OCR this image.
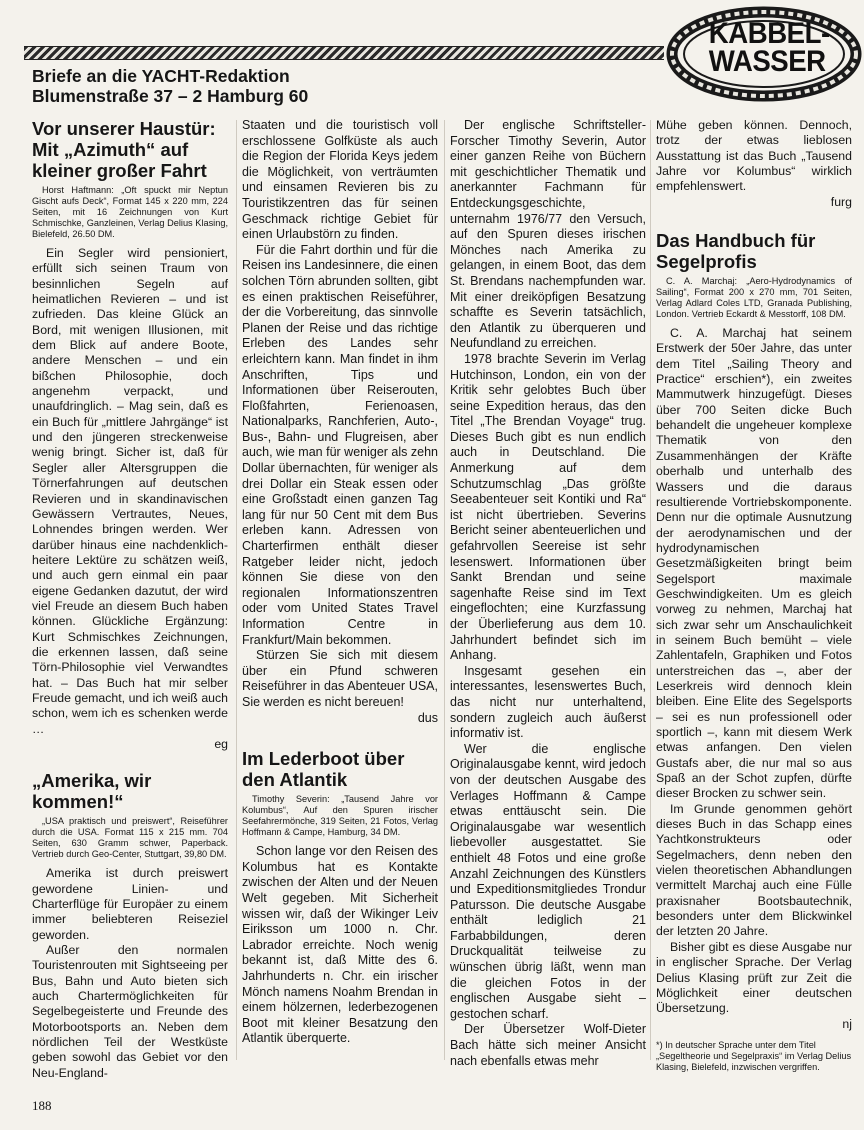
KABBEL-
WASSER
Briefe an die YACHT-Redaktion
Blumenstraße 37 – 2 Hamburg 60
Vor unserer Haustür: Mit „Azimuth“ auf kleiner großer Fahrt
Horst Haftmann: „Oft spuckt mir Neptun Gischt aufs Deck“, Format 145 x 220 mm, 224 Seiten, mit 16 Zeichnungen von Kurt Schmischke, Ganzleinen, Verlag Delius Klasing, Bielefeld, 26.50 DM.

Ein Segler wird pensioniert, erfüllt sich seinen Traum von besinnlichen Segeln auf heimatlichen Revieren – und ist zufrieden. Das kleine Glück an Bord, mit wenigen Illusionen, mit dem Blick auf andere Boote, andere Menschen – und ein bißchen Philosophie, doch angenehm verpackt, und unaufdringlich. – Mag sein, daß es ein Buch für „mittlere Jahrgänge“ ist und den jüngeren streckenweise wenig bringt. Sicher ist, daß für Segler aller Altersgruppen die Törnerfahrungen auf deutschen Revieren und in skandinavischen Gewässern Vertrautes, Neues, Lohnendes bringen werden. Wer darüber hinaus eine nachdenklich-heitere Lektüre zu schätzen weiß, und auch gern einmal ein paar eigene Gedanken dazutut, der wird viel Freude an diesem Buch haben können. Glückliche Ergänzung: Kurt Schmischkes Zeichnungen, die erkennen lassen, daß seine Törn-Philosophie viel Verwandtes hat. – Das Buch hat mir selber Freude gemacht, und ich weiß auch schon, wem ich es schenken werde …

eg

„Amerika, wir kommen!“
„USA praktisch und preiswert“, Reiseführer durch die USA. Format 115 x 215 mm. 704 Seiten, 630 Gramm schwer, Paperback. Vertrieb durch Geo-Center, Stuttgart, 39,80 DM.

Amerika ist durch preiswert gewordene Linien- und Charterflüge für Europäer zu einem immer beliebteren Reiseziel geworden.

Außer den normalen Touristenrouten mit Sightseeing per Bus, Bahn und Auto bieten sich auch Chartermöglichkeiten für Segelbegeisterte und Freunde des Motorbootsports an. Neben dem nördlichen Teil der Westküste geben sowohl das Gebiet vor den Neu-England-

Staaten und die touristisch voll erschlossene Golfküste als auch die Region der Florida Keys jedem die Möglichkeit, von verträumten und einsamen Revieren bis zu Touristikzentren das für seinen Geschmack richtige Gebiet für einen Urlaubstörn zu finden.

Für die Fahrt dorthin und für die Reisen ins Landesinnere, die einen solchen Törn abrunden sollten, gibt es einen praktischen Reiseführer, der die Vorbereitung, das sinnvolle Planen der Reise und das richtige Erleben des Landes sehr erleichtern kann. Man findet in ihm Anschriften, Tips und Informationen über Reiserouten, Floßfahrten, Ferienoasen, Nationalparks, Ranchferien, Auto-, Bus-, Bahn- und Flugreisen, aber auch, wie man für weniger als zehn Dollar übernachten, für weniger als drei Dollar ein Steak essen oder eine Großstadt einen ganzen Tag lang für nur 50 Cent mit dem Bus erleben kann. Adressen von Charterfirmen enthält dieser Ratgeber leider nicht, jedoch können Sie diese von den regionalen Informationszentren oder vom United States Travel Information Centre in Frankfurt/Main bekommen.

Stürzen Sie sich mit diesem über ein Pfund schweren Reiseführer in das Abenteuer USA, Sie werden es nicht bereuen!

dus

Im Lederboot über den Atlantik
Timothy Severin: „Tausend Jahre vor Kolumbus“, Auf den Spuren irischer Seefahrermönche, 319 Seiten, 21 Fotos, Verlag Hoffmann & Campe, Hamburg, 34 DM.

Schon lange vor den Reisen des Kolumbus hat es Kontakte zwischen der Alten und der Neuen Welt gegeben. Mit Sicherheit wissen wir, daß der Wikinger Leiv Eiriksson um 1000 n. Chr. Labrador erreichte. Noch wenig bekannt ist, daß Mitte des 6. Jahrhunderts n. Chr. ein irischer Mönch namens Noahm Brendan in einem hölzernen, lederbezogenen Boot mit kleiner Besatzung den Atlantik überquerte.

Der englische Schriftsteller-Forscher Timothy Severin, Autor einer ganzen Reihe von Büchern mit geschichtlicher Thematik und anerkannter Fachmann für Entdeckungsgeschichte, unternahm 1976/77 den Versuch, auf den Spuren dieses irischen Mönches nach Amerika zu gelangen, in einem Boot, das dem St. Brendans nachempfunden war. Mit einer dreiköpfigen Besatzung schaffte es Severin tatsächlich, den Atlantik zu überqueren und Neufundland zu erreichen.

1978 brachte Severin im Verlag Hutchinson, London, ein von der Kritik sehr gelobtes Buch über seine Expedition heraus, das den Titel „The Brendan Voyage“ trug. Dieses Buch gibt es nun endlich auch in Deutschland. Die Anmerkung auf dem Schutzumschlag „Das größte Seeabenteuer seit Kontiki und Ra“ ist nicht übertrieben. Severins Bericht seiner abenteuerlichen und gefahrvollen Seereise ist sehr lesenswert. Informationen über Sankt Brendan und seine sagenhafte Reise sind im Text eingeflochten; eine Kurzfassung der Überlieferung aus dem 10. Jahrhundert befindet sich im Anhang.

Insgesamt gesehen ein interessantes, lesenswertes Buch, das nicht nur unterhaltend, sondern zugleich auch äußerst informativ ist.

Wer die englische Originalausgabe kennt, wird jedoch von der deutschen Ausgabe des Verlages Hoffmann & Campe etwas enttäuscht sein. Die Originalausgabe war wesentlich liebevoller ausgestattet. Sie enthielt 48 Fotos und eine große Anzahl Zeichnungen des Künstlers und Expeditionsmitgliedes Trondur Patursson. Die deutsche Ausgabe enthält lediglich 21 Farbabbildungen, deren Druckqualität teilweise zu wünschen übrig läßt, wenn man die gleichen Fotos in der englischen Ausgabe sieht – gestochen scharf.

Der Übersetzer Wolf-Dieter Bach hätte sich meiner Ansicht nach ebenfalls etwas mehr

Mühe geben können. Dennoch, trotz der etwas lieblosen Ausstattung ist das Buch „Tausend Jahre vor Kolumbus“ wirklich empfehlenswert.

furg

Das Handbuch für Segelprofis
C. A. Marchaj: „Aero-Hydrodynamics of Sailing“, Format 200 x 270 mm, 701 Seiten, Verlag Adlard Coles LTD, Granada Publishing, London. Vertrieb Eckardt & Messtorff, 108 DM.

C. A. Marchaj hat seinem Erstwerk der 50er Jahre, das unter dem Titel „Sailing Theory and Practice“ erschien*), ein zweites Mammutwerk hinzugefügt. Dieses über 700 Seiten dicke Buch behandelt die ungeheuer komplexe Thematik von den Zusammenhängen der Kräfte oberhalb und unterhalb des Wassers und die daraus resultierende Vortriebskomponente. Denn nur die optimale Ausnutzung der aerodynamischen und der hydrodynamischen Gesetzmäßigkeiten bringt beim Segelsport maximale Geschwindigkeiten. Um es gleich vorweg zu nehmen, Marchaj hat sich zwar sehr um Anschaulichkeit in seinem Buch bemüht – viele Zahlentafeln, Graphiken und Fotos unterstreichen das –, aber der Leserkreis wird dennoch klein bleiben. Eine Elite des Segelsports – sei es nun professionell oder sportlich –, kann mit diesem Werk etwas anfangen. Den vielen Gustafs aber, die nur mal so aus Spaß an der Schot zupfen, dürfte dieser Brocken zu schwer sein.

Im Grunde genommen gehört dieses Buch in das Schapp eines Yachtkonstrukteurs oder Segelmachers, denn neben den vielen theoretischen Abhandlungen vermittelt Marchaj auch eine Fülle praxisnaher Bootsbautechnik, besonders unter dem Blickwinkel der letzten 20 Jahre.

Bisher gibt es diese Ausgabe nur in englischer Sprache. Der Verlag Delius Klasing prüft zur Zeit die Möglichkeit einer deutschen Übersetzung.

nj

*) In deutscher Sprache unter dem Titel „Segeltheorie und Segelpraxis“ im Verlag Delius Klasing, Bielefeld, inzwischen vergriffen.
188
